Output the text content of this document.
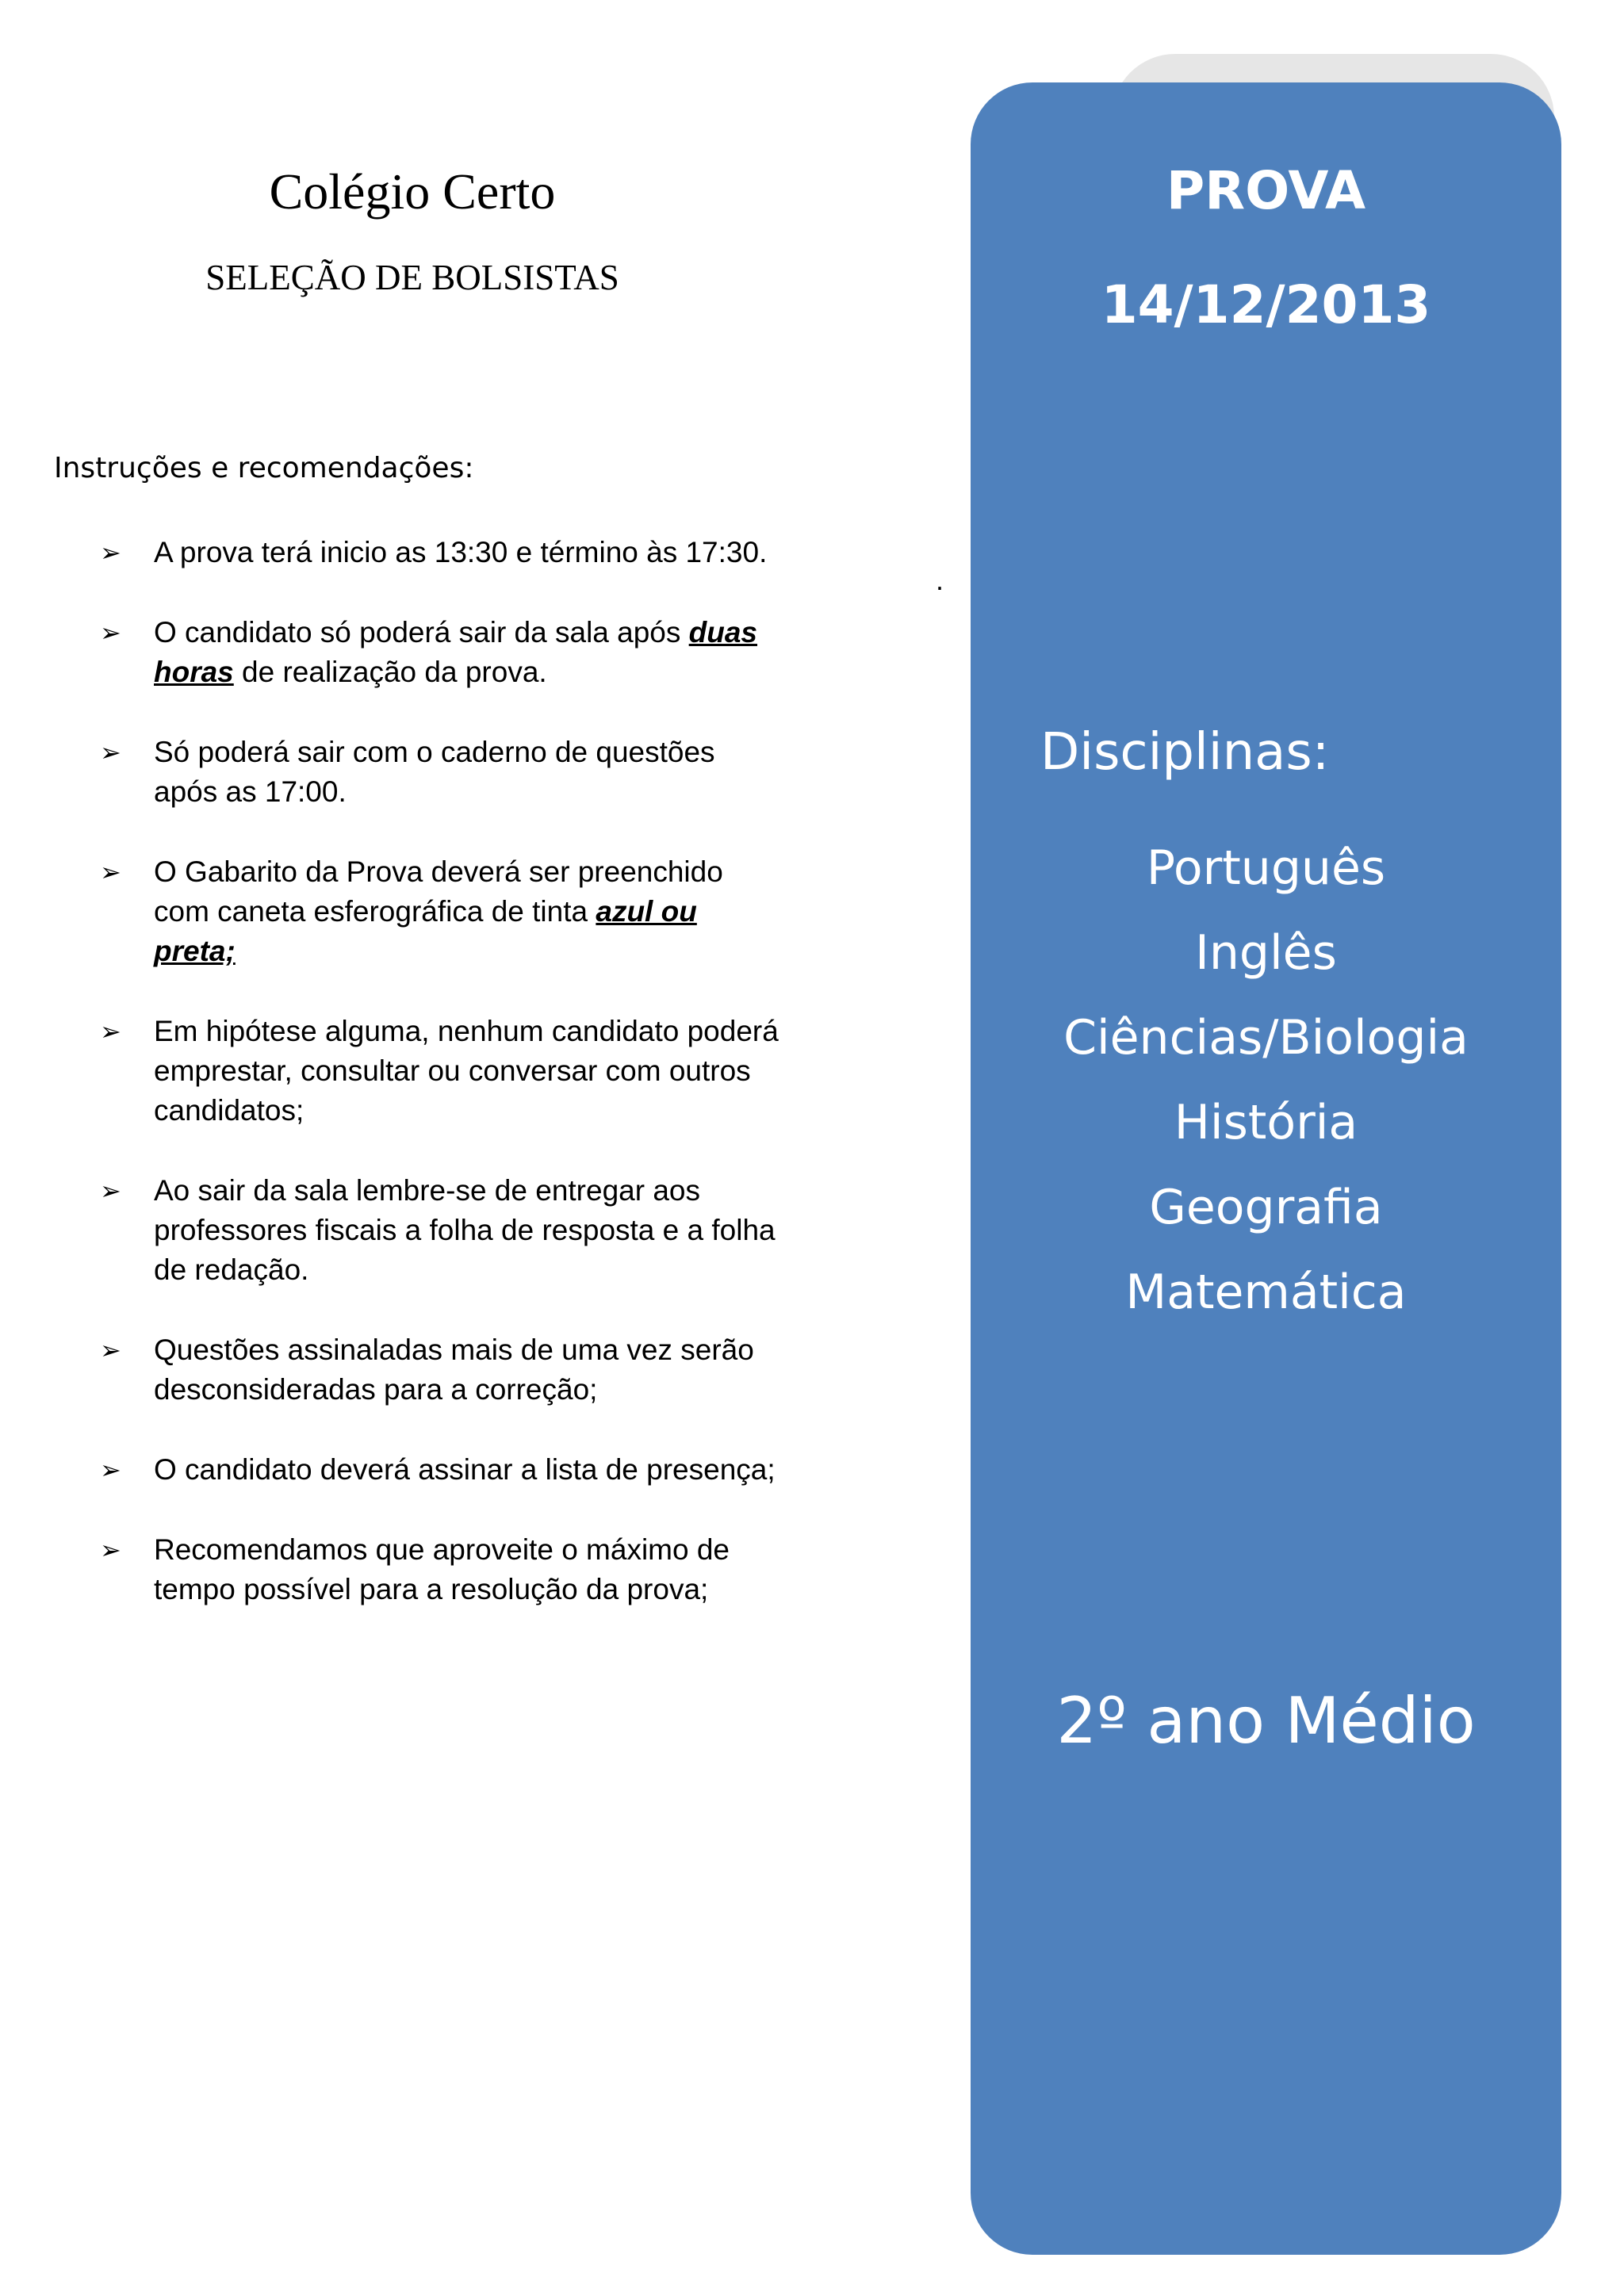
Colégio Certo
SELEÇÃO DE BOLSISTAS

Instruções e recomendações:

➢	A prova terá inicio as 13:30 e término às 17:30.
➢	O candidato só poderá sair da sala após duas horas de realização da prova.
➢	Só poderá sair com o caderno de questões após as 17:00.
➢	O Gabarito da Prova deverá ser preenchido com caneta esferográfica de tinta azul ou preta;
➢	Em hipótese alguma, nenhum candidato poderá emprestar, consultar ou conversar com outros candidatos;
➢	Ao sair da sala lembre-se de entregar aos professores fiscais a folha de resposta e a folha de redação.
➢	Questões assinaladas mais de uma vez serão desconsideradas para a correção;
➢	O candidato deverá assinar a lista de presença;
➢	Recomendamos que aproveite o máximo de tempo possível para a resolução da prova;
.
PROVA
14/12/2013

Disciplinas:

Português
Inglês
Ciências/Biologia
História
Geografia
Matemática

2º ano Médio
